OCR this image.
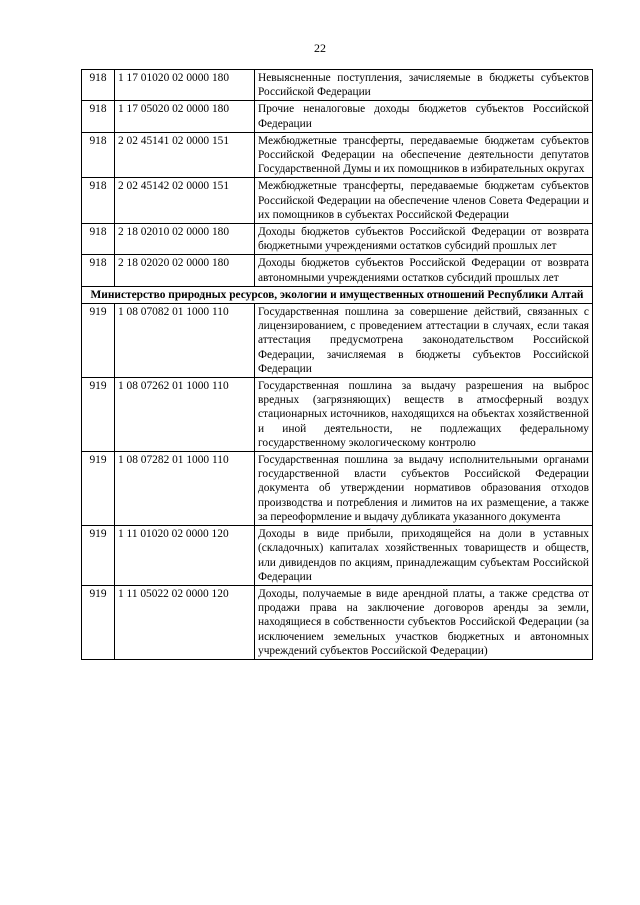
22
918	1 17 01020 02 0000 180	Невыясненные поступления, зачисляемые в бюджеты субъектов Российской Федерации
918	1 17 05020 02 0000 180	Прочие неналоговые доходы бюджетов субъектов Российской Федерации
918	2 02 45141 02 0000 151	Межбюджетные трансферты, передаваемые бюджетам субъектов Российской Федерации на обеспечение деятельности депутатов Государственной Думы и их помощников в избирательных округах
918	2 02 45142 02 0000 151	Межбюджетные трансферты, передаваемые бюджетам субъектов Российской Федерации на обеспечение членов Совета Федерации и их помощников в субъектах Российской Федерации
918	2 18 02010 02 0000 180	Доходы бюджетов субъектов Российской Федерации от возврата бюджетными учреждениями остатков субсидий прошлых лет
918	2 18 02020 02 0000 180	Доходы бюджетов субъектов Российской Федерации от возврата автономными учреждениями остатков субсидий прошлых лет
Министерство природных ресурсов, экологии и имущественных отношений Республики Алтай		
919	1 08 07082 01 1000 110	Государственная пошлина за совершение действий, связанных с лицензированием, с проведением аттестации в случаях, если такая аттестация предусмотрена законодательством Российской Федерации, зачисляемая в бюджеты субъектов Российской Федерации
919	1 08 07262 01 1000 110	Государственная пошлина за выдачу разрешения на выброс вредных (загрязняющих) веществ в атмосферный воздух стационарных источников, находящихся на объектах хозяйственной и иной деятельности, не подлежащих федеральному государственному экологическому контролю
919	1 08 07282 01 1000 110	Государственная пошлина за выдачу исполнительными органами государственной власти субъектов Российской Федерации документа об утверждении нормативов образования отходов производства и потребления и лимитов на их размещение, а также за переоформление и выдачу дубликата указанного документа
919	1 11 01020 02 0000 120	Доходы в виде прибыли, приходящейся на доли в уставных (складочных) капиталах хозяйственных товариществ и обществ, или дивидендов по акциям, принадлежащим субъектам Российской Федерации
919	1 11 05022 02 0000 120	Доходы, получаемые в виде арендной платы, а также средства от продажи права на заключение договоров аренды за земли, находящиеся в собственности субъектов Российской Федерации (за исключением земельных участков бюджетных и автономных учреждений субъектов Российской Федерации)
